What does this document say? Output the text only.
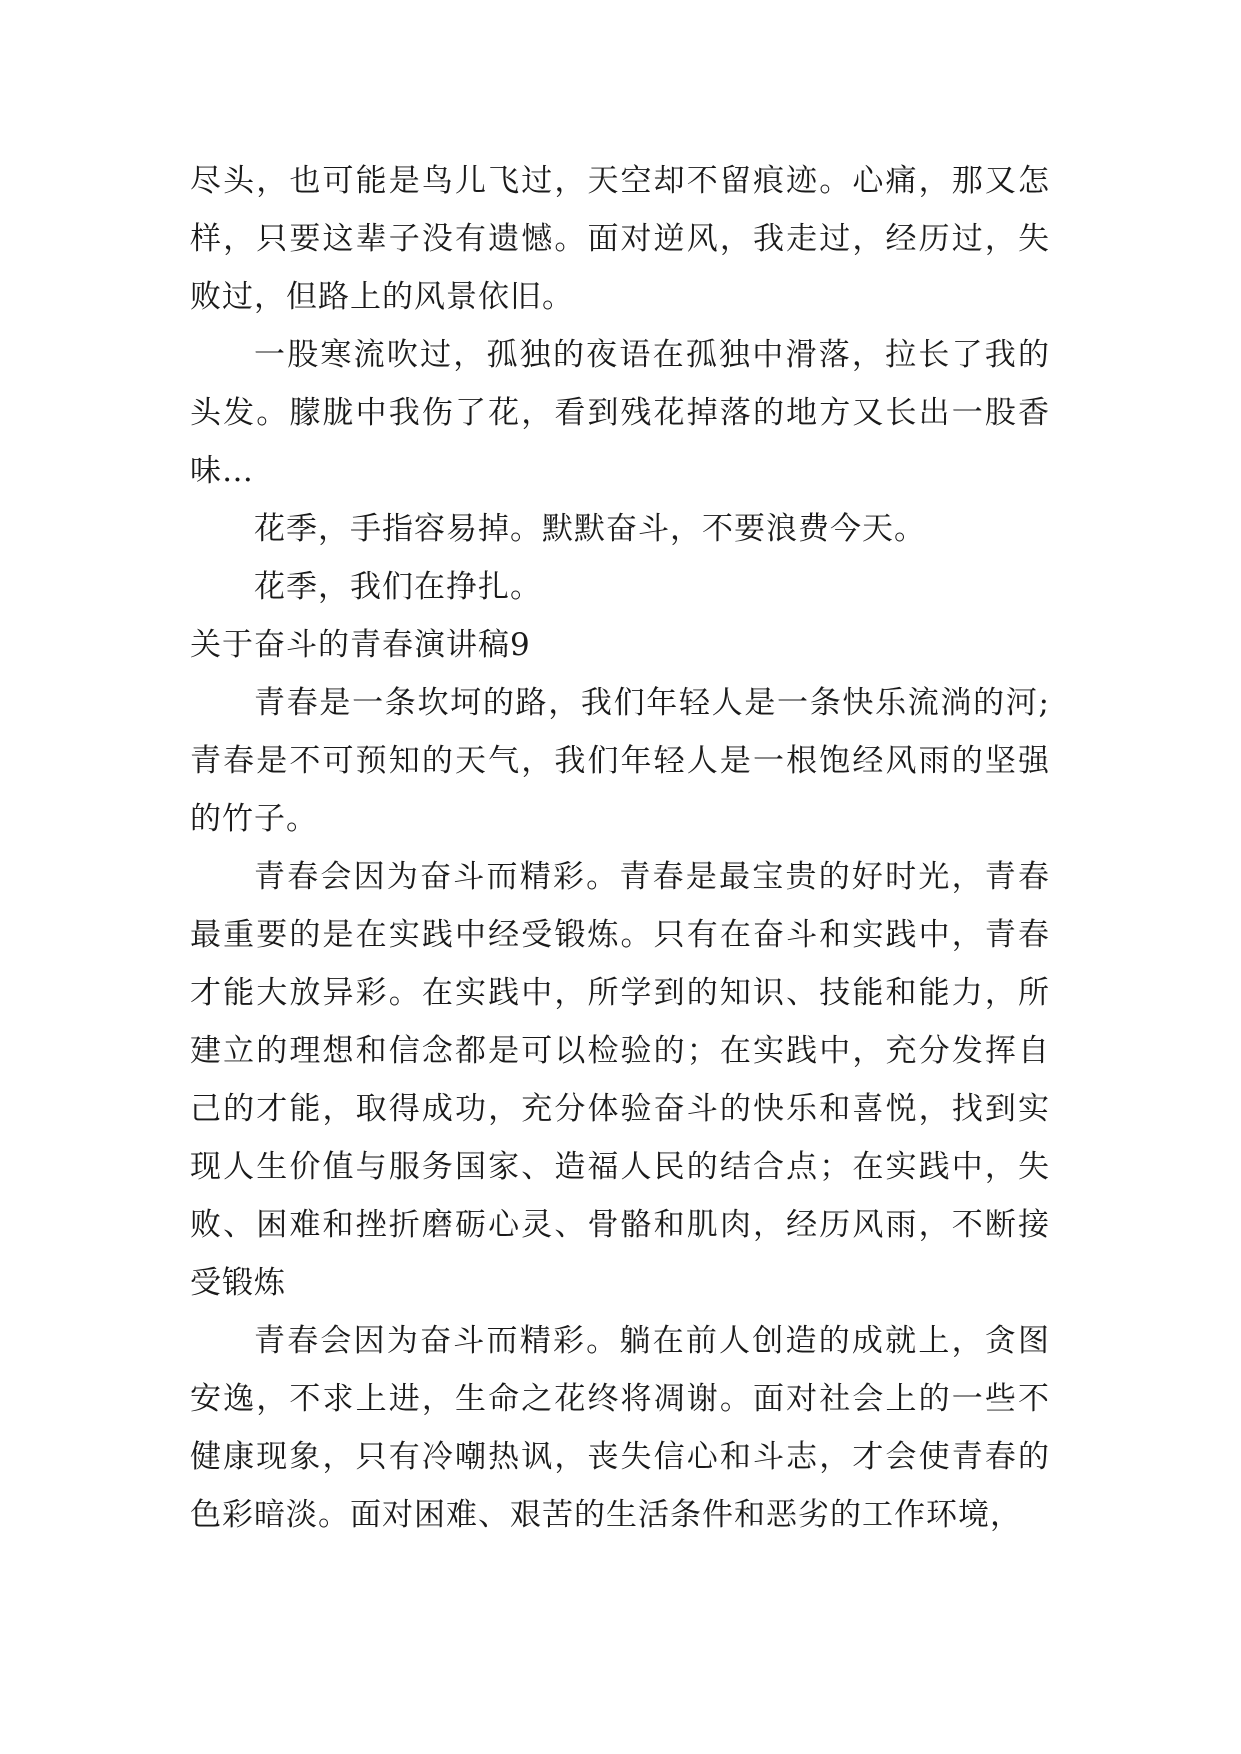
尽头，也可能是鸟儿飞过，天空却不留痕迹。心痛，那又怎样，只要这辈子没有遗憾。面对逆风，我走过，经历过，失败过，但路上的风景依旧。

一股寒流吹过，孤独的夜语在孤独中滑落，拉长了我的头发。朦胧中我伤了花，看到残花掉落的地方又长出一股香味…

花季，手指容易掉。默默奋斗，不要浪费今天。

花季，我们在挣扎。

关于奋斗的青春演讲稿9

青春是一条坎坷的路，我们年轻人是一条快乐流淌的河;青春是不可预知的天气，我们年轻人是一根饱经风雨的坚强的竹子。

青春会因为奋斗而精彩。青春是最宝贵的好时光，青春最重要的是在实践中经受锻炼。只有在奋斗和实践中，青春才能大放异彩。在实践中，所学到的知识、技能和能力，所建立的理想和信念都是可以检验的；在实践中，充分发挥自己的才能，取得成功，充分体验奋斗的快乐和喜悦，找到实现人生价值与服务国家、造福人民的结合点；在实践中，失败、困难和挫折磨砺心灵、骨骼和肌肉，经历风雨，不断接受锻炼

青春会因为奋斗而精彩。躺在前人创造的成就上，贪图安逸，不求上进，生命之花终将凋谢。面对社会上的一些不健康现象，只有冷嘲热讽，丧失信心和斗志，才会使青春的色彩暗淡。面对困难、艰苦的生活条件和恶劣的工作环境，
